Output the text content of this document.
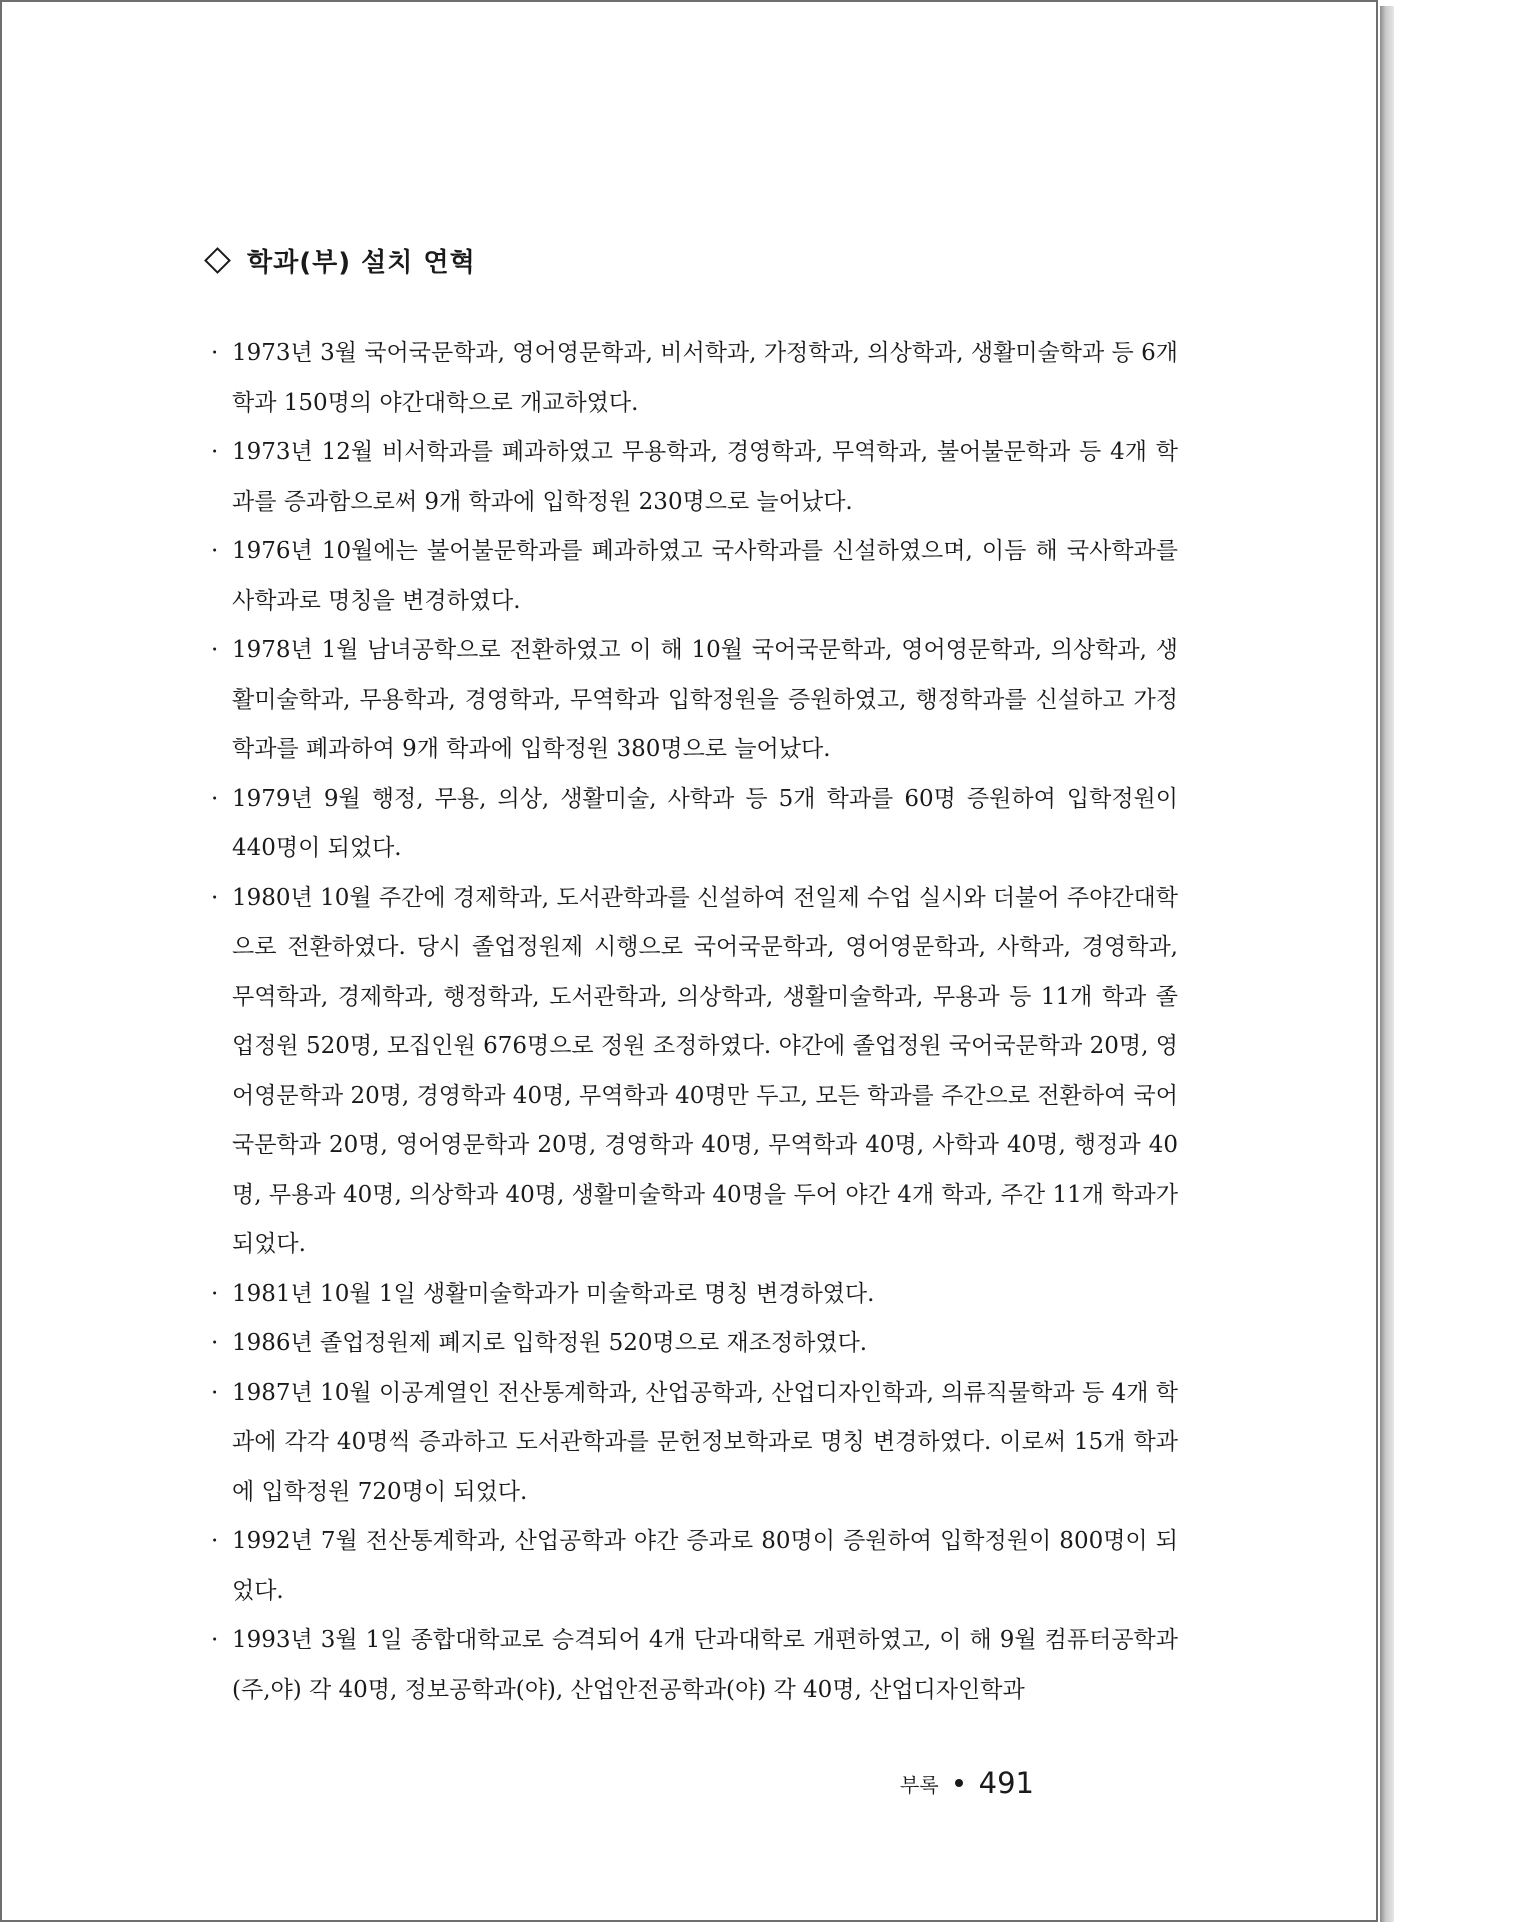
학과(부) 설치 연혁
· 1973년 3월 국어국문학과, 영어영문학과, 비서학과, 가정학과, 의상학과, 생활미술학과 등 6개 학과 150명의 야간대학으로 개교하였다.
· 1973년 12월 비서학과를 폐과하였고 무용학과, 경영학과, 무역학과, 불어불문학과 등 4개 학과를 증과함으로써 9개 학과에 입학정원 230명으로 늘어났다.
· 1976년 10월에는 불어불문학과를 폐과하였고 국사학과를 신설하였으며, 이듬 해 국사학과를 사학과로 명칭을 변경하였다.
· 1978년 1월 남녀공학으로 전환하였고 이 해 10월 국어국문학과, 영어영문학과, 의상학과, 생활미술학과, 무용학과, 경영학과, 무역학과 입학정원을 증원하였고, 행정학과를 신설하고 가정학과를 폐과하여 9개 학과에 입학정원 380명으로 늘어났다.
· 1979년 9월 행정, 무용, 의상, 생활미술, 사학과 등 5개 학과를 60명 증원하여 입학정원이 440명이 되었다.
· 1980년 10월 주간에 경제학과, 도서관학과를 신설하여 전일제 수업 실시와 더불어 주야간대학으로 전환하였다. 당시 졸업정원제 시행으로 국어국문학과, 영어영문학과, 사학과, 경영학과, 무역학과, 경제학과, 행정학과, 도서관학과, 의상학과, 생활미술학과, 무용과 등 11개 학과 졸업정원 520명, 모집인원 676명으로 정원 조정하였다. 야간에 졸업정원 국어국문학과 20명, 영어영문학과 20명, 경영학과 40명, 무역학과 40명만 두고, 모든 학과를 주간으로 전환하여 국어국문학과 20명, 영어영문학과 20명, 경영학과 40명, 무역학과 40명, 사학과 40명, 행정과 40명, 무용과 40명, 의상학과 40명, 생활미술학과 40명을 두어 야간 4개 학과, 주간 11개 학과가 되었다.
· 1981년 10월 1일 생활미술학과가 미술학과로 명칭 변경하였다.
· 1986년 졸업정원제 폐지로 입학정원 520명으로 재조정하였다.
· 1987년 10월 이공계열인 전산통계학과, 산업공학과, 산업디자인학과, 의류직물학과 등 4개 학과에 각각 40명씩 증과하고 도서관학과를 문헌정보학과로 명칭 변경하였다. 이로써 15개 학과에 입학정원 720명이 되었다.
· 1992년 7월 전산통계학과, 산업공학과 야간 증과로 80명이 증원하여 입학정원이 800명이 되었다.
· 1993년 3월 1일 종합대학교로 승격되어 4개 단과대학로 개편하였고, 이 해 9월 컴퓨터공학과(주,야) 각 40명, 정보공학과(야), 산업안전공학과(야) 각 40명, 산업디자인학과
부록 491
